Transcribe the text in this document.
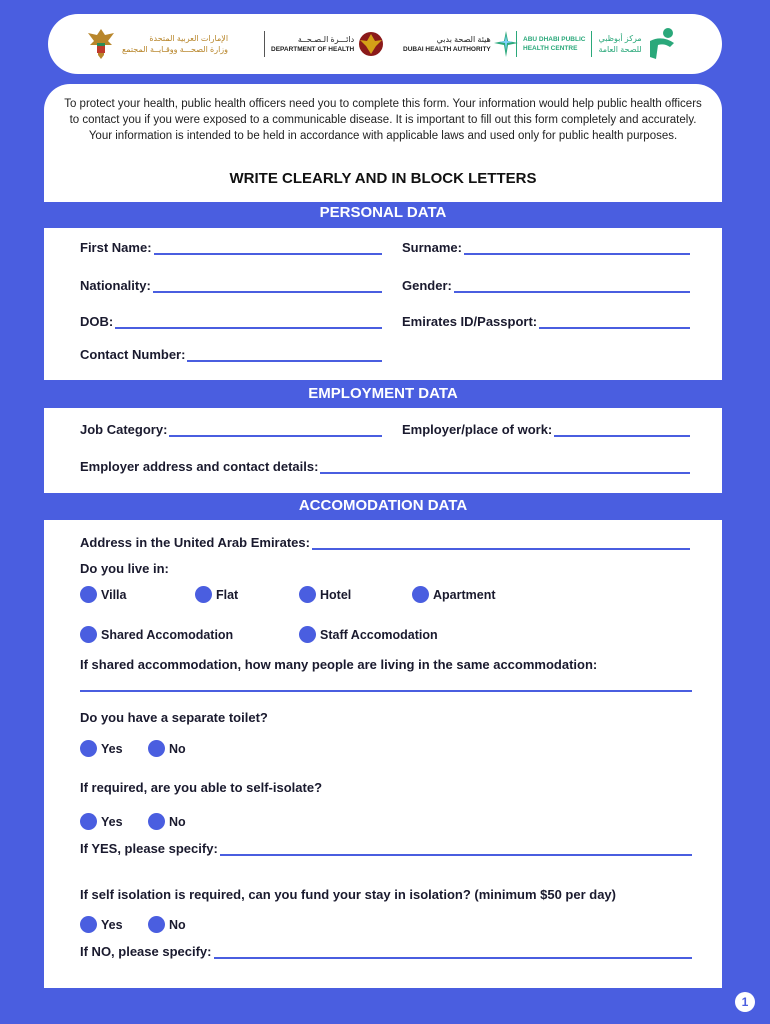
الإمارات العربية المتحدة
وزارة الصحـــة ووقـايــة المجتمع
دائـــرة الـصـحــة
DEPARTMENT OF HEALTH
هيئة الصحة بدبي
DUBAI HEALTH AUTHORITY
ABU DHABI PUBLIC
HEALTH CENTRE
مركز أبوظبي
للصحة العامة

To protect your health, public health officers need you to complete this form. Your information would help public health officers to contact you if you were exposed to a communicable disease. It is important to fill out this form completely and accurately. Your information is intended to be held in accordance with applicable laws and used only for public health purposes.

WRITE CLEARLY AND IN BLOCK LETTERS
PERSONAL DATA
First Name:	Surname:
Nationality:	Gender:
DOB:	Emirates ID/Passport:
Contact Number:
EMPLOYMENT DATA
Job Category:	Employer/place of work:
Employer address and contact details:
ACCOMODATION DATA
Address in the United Arab Emirates:
Do you live in:
Villa	Flat	Hotel	Apartment
Shared Accomodation	Staff Accomodation
If shared accommodation, how many people are living in the same accommodation:
Do you have a separate toilet?
Yes	No
If required, are you able to self-isolate?
Yes	No
If YES, please specify:
If self isolation is required, can you fund your stay in isolation? (minimum $50 per day)
Yes	No
If NO, please specify:
1
